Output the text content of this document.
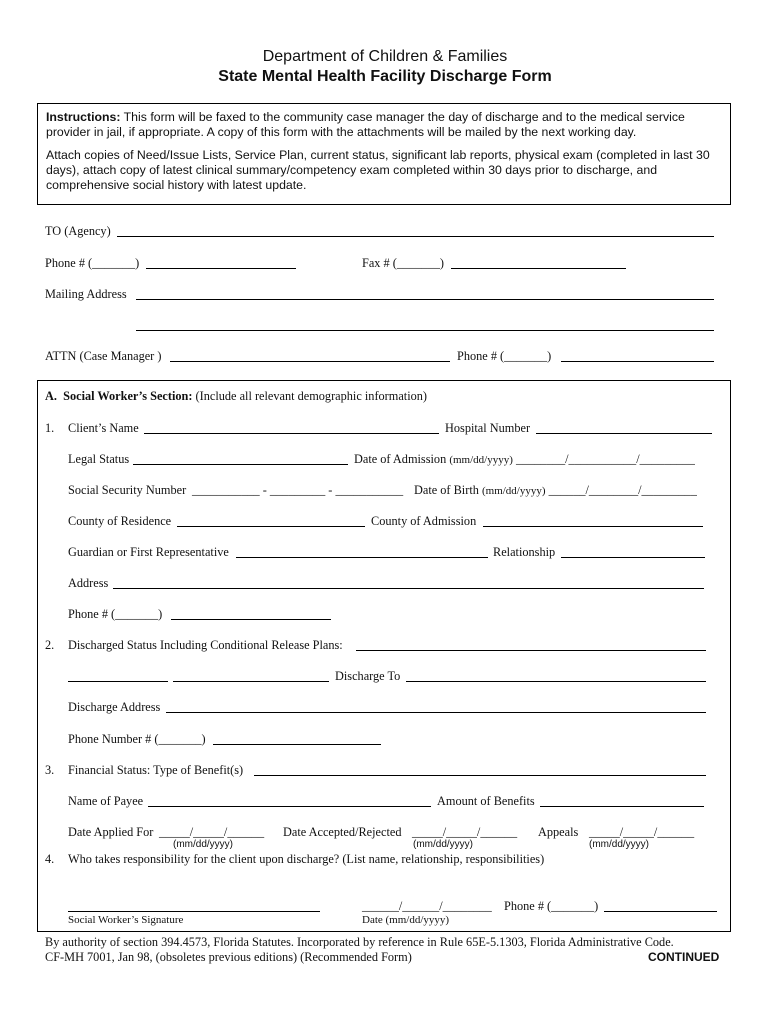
Department of Children & Families
State Mental Health Facility Discharge Form

Instructions: This form will be faxed to the community case manager the day of discharge and to the medical service provider in jail, if appropriate. A copy of this form with the attachments will be mailed by the next working day.

Attach copies of Need/Issue Lists, Service Plan, current status, significant lab reports, physical exam (completed in last 30 days), attach copy of latest clinical summary/competency exam completed within 30 days prior to discharge, and comprehensive social history with latest update.

TO (Agency)
Phone # (_______)	Fax # (_______)
Mailing Address
ATTN (Case Manager )	Phone # (_______)
A. Social Worker’s Section: (Include all relevant demographic information)
1. Client’s Name	Hospital Number
Legal Status	Date of Admission (mm/dd/yyyy) ________/___________/_________
Social Security Number ___________ - _________ - ___________ Date of Birth (mm/dd/yyyy) ______/________/_________
County of Residence	County of Admission
Guardian or First Representative	Relationship
Address
Phone # (_______)
2. Discharged Status Including Conditional Release Plans:
Discharge To
Discharge Address
Phone Number # (_______)
3. Financial Status: Type of Benefit(s)
Name of Payee	Amount of Benefits
Date Applied For _____/_____/______
(mm/dd/yyyy)
Date Accepted/Rejected _____/_____/______
(mm/dd/yyyy)
Appeals _____/_____/______
(mm/dd/yyyy)
4. Who takes responsibility for the client upon discharge? (List name, relationship, responsibilities)
______/______/________ Phone # (_______)
Social Worker’s Signature	Date (mm/dd/yyyy)
By authority of section 394.4573, Florida Statutes. Incorporated by reference in Rule 65E-5.1303, Florida Administrative Code.
CF-MH 7001, Jan 98, (obsoletes previous editions) (Recommended Form)	CONTINUED
